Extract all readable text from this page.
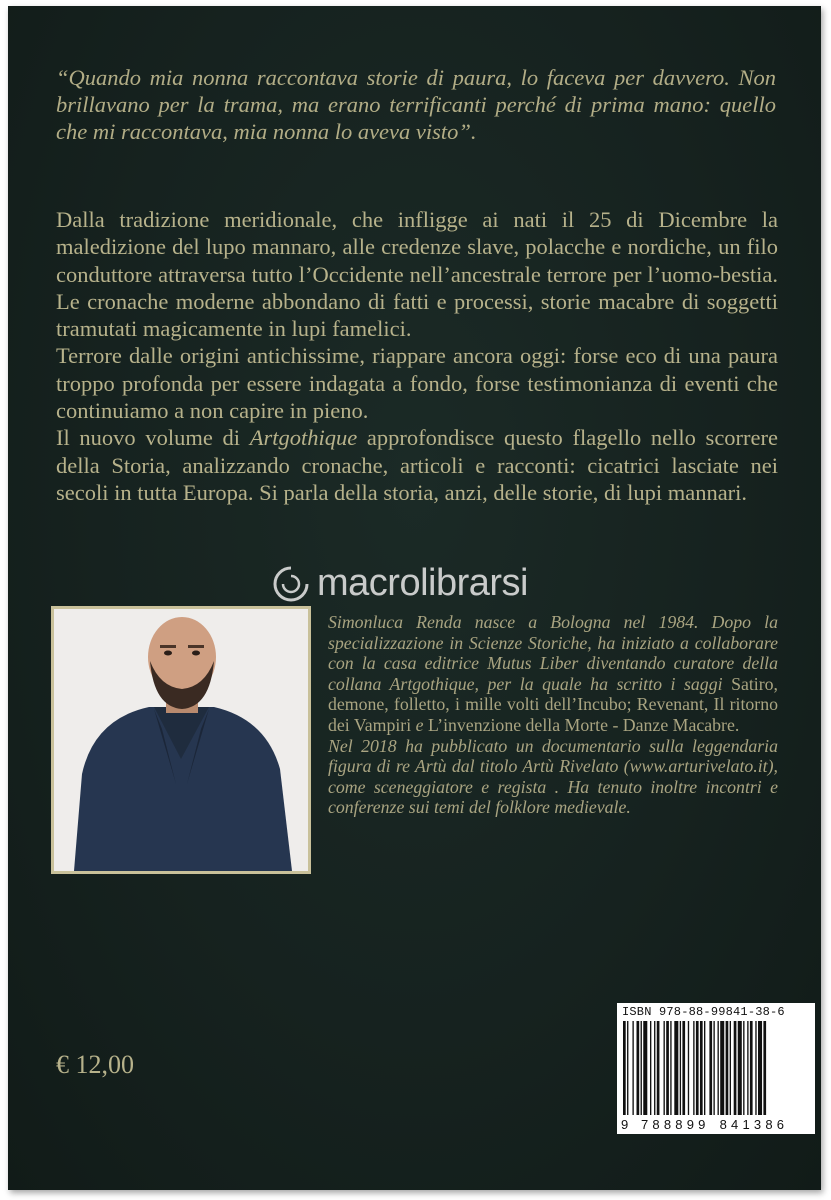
“Quando mia nonna raccontava storie di paura, lo faceva per davvero. Non brillavano per la trama, ma erano terrificanti perché di prima mano: quello che mi raccontava, mia nonna lo aveva visto”.

Dalla tradizione meridionale, che infligge ai nati il 25 di Dicembre la maledizione del lupo mannaro, alle credenze slave, polacche e nordiche, un filo conduttore attraversa tutto l’Occidente nell’ancestrale terrore per l’uomo-bestia. Le cronache moderne abbondano di fatti e processi, storie macabre di soggetti tramutati magicamente in lupi famelici.

Terrore dalle origini antichissime, riappare ancora oggi: forse eco di una paura troppo profonda per essere indagata a fondo, forse testimonianza di eventi che continuiamo a non capire in pieno.

Il nuovo volume di Artgothique approfondisce questo flagello nello scorrere della Storia, analizzando cronache, articoli e racconti: cicatrici lasciate nei secoli in tutta Europa. Si parla della storia, anzi, delle storie, di lupi mannari.

Simonluca Renda nasce a Bologna nel 1984. Dopo la specializzazione in Scienze Storiche, ha iniziato a collaborare con la casa editrice Mutus Liber diventando curatore della collana Artgothique, per la quale ha scritto i saggi Satiro, demone, folletto, i mille volti dell’Incubo; Revenant, Il ritorno dei Vampiri e L’invenzione della Morte - Danze Macabre.

Nel 2018 ha pubblicato un documentario sulla leggendaria figura di re Artù dal titolo Artù Rivelato (www.arturivelato.it), come sceneggiatore e regista . Ha tenuto inoltre incontri e conferenze sui temi del folklore medievale.

macrolibrarsi
€ 12,00
ISBN 978-88-99841-38-6
9 788899 841386
